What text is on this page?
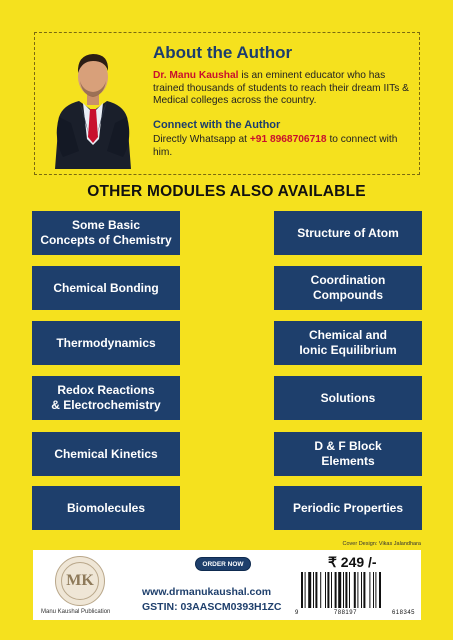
About the Author
Dr. Manu Kaushal is an eminent educator who has trained thousands of students to reach their dream IITs & Medical colleges across the country.
Connect with the Author
Directly Whatsapp at +91 8968706718 to connect with him.
OTHER MODULES ALSO AVAILABLE
Some Basic
Concepts of Chemistry
Structure of Atom
Chemical Bonding
Coordination
Compounds
Thermodynamics
Chemical and
Ionic Equilibrium
Redox Reactions
& Electrochemistry
Solutions
Chemical Kinetics
D & F Block
Elements
Biomolecules	Periodic Properties
Cover Design: Vikas Jalandhara
MK
Manu Kaushal Publication
ORDER NOW
www.drmanukaushal.com
GSTIN: 03AASCM0393H1ZC
₹ 249 /-
9	788197	618345
